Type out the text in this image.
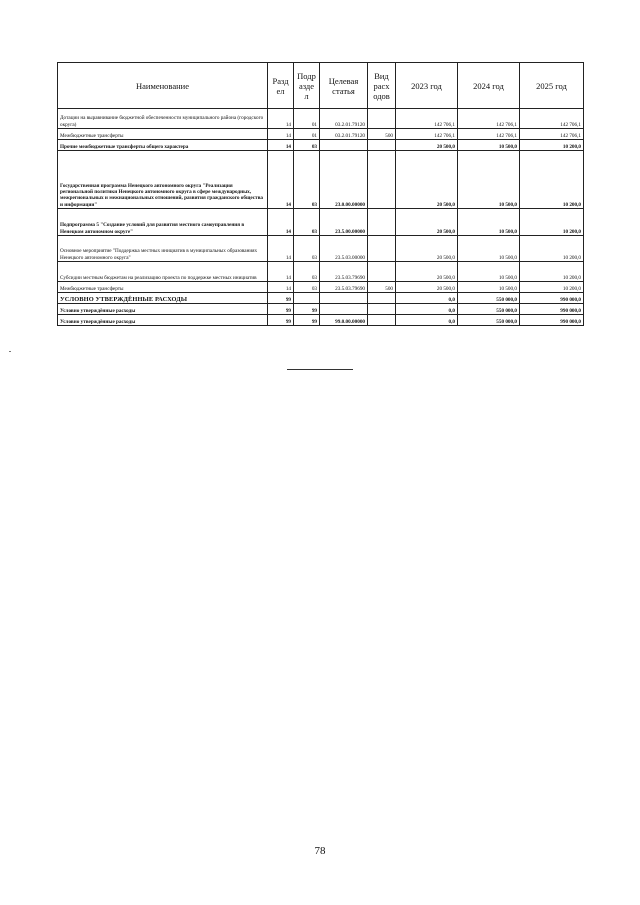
Наименование	Разд ел	Подр азде л	Целевая статья	Вид расх одов	2023 год	2024 год	2025 год
Дотации на выравнивание бюджетной обеспеченности муниципального района (городского округа)	14	01	03.2.01.79120		142 706,1	142 706,1	142 706,1
Межбюджетные трансферты	14	01	03.2.01.79120	500	142 706,1	142 706,1	142 706,1
Прочие межбюджетные трансферты общего характера	14	03			20 500,0	10 500,0	10 200,0
Государственная программа Ненецкого автономного округа "Реализация региональной политики Ненецкого автономного округа в сфере международных, межрегиональных и межнациональных отношений, развития гражданского общества и информации"	14	03	23.0.00.00000		20 500,0	10 500,0	10 200,0
Подпрограмма 5 "Создание условий для развития местного самоуправления в Ненецком автономном округе"	14	03	23.5.00.00000		20 500,0	10 500,0	10 200,0
Основное мероприятие "Поддержка местных инициатив в муниципальных образованиях Ненецкого автономного округа"	14	03	23.5.03.00000		20 500,0	10 500,0	10 200,0
Субсидии местным бюджетам на реализацию проекта по поддержке местных инициатив	14	03	23.5.03.79690		20 500,0	10 500,0	10 200,0
Межбюджетные трансферты	14	03	23.5.03.79690	500	20 500,0	10 500,0	10 200,0
УСЛОВНО УТВЕРЖДЁННЫЕ РАСХОДЫ	99				0,0	550 000,0	990 000,0
Условно утверждённые расходы	99	99			0,0	550 000,0	990 000,0
Условно утверждённые расходы	99	99	99.0.00.00000		0,0	550 000,0	990 000,0
78
